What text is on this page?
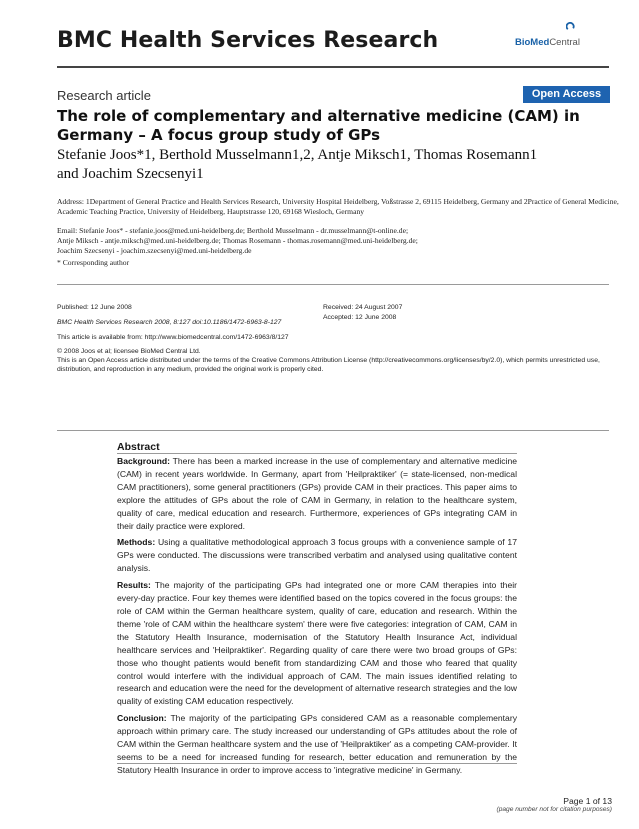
BMC Health Services Research	BioMedCentral
Research article	Open Access
The role of complementary and alternative medicine (CAM) in Germany – A focus group study of GPs
Stefanie Joos*1, Berthold Musselmann1,2, Antje Miksch1, Thomas Rosemann1
and Joachim Szecsenyi1
Address: 1Department of General Practice and Health Services Research, University Hospital Heidelberg, Voßstrasse 2, 69115 Heidelberg, Germany and 2Practice of General Medicine, Academic Teaching Practice, University of Heidelberg, Hauptstrasse 120, 69168 Wiesloch, Germany
Email: Stefanie Joos* - stefanie.joos@med.uni-heidelberg.de; Berthold Musselmann - dr.musselmann@t-online.de;
Antje Miksch - antje.miksch@med.uni-heidelberg.de; Thomas Rosemann - thomas.rosemann@med.uni-heidelberg.de;
Joachim Szecsenyi - joachim.szecsenyi@med.uni-heidelberg.de
* Corresponding author
Published: 12 June 2008	Received: 24 August 2007
Accepted: 12 June 2008
BMC Health Services Research 2008, 8:127 doi:10.1186/1472-6963-8-127
This article is available from: http://www.biomedcentral.com/1472-6963/8/127
© 2008 Joos et al; licensee BioMed Central Ltd.
This is an Open Access article distributed under the terms of the Creative Commons Attribution License (http://creativecommons.org/licenses/by/2.0), which permits unrestricted use, distribution, and reproduction in any medium, provided the original work is properly cited.
Abstract

Background: There has been a marked increase in the use of complementary and alternative medicine (CAM) in recent years worldwide. In Germany, apart from 'Heilpraktiker' (= state-licensed, non-medical CAM practitioners), some general practitioners (GPs) provide CAM in their practices. This paper aims to explore the attitudes of GPs about the role of CAM in Germany, in relation to the healthcare system, quality of care, medical education and research. Furthermore, experiences of GPs integrating CAM in their daily practice were explored.

Methods: Using a qualitative methodological approach 3 focus groups with a convenience sample of 17 GPs were conducted. The discussions were transcribed verbatim and analysed using qualitative content analysis.

Results: The majority of the participating GPs had integrated one or more CAM therapies into their every-day practice. Four key themes were identified based on the topics covered in the focus groups: the role of CAM within the German healthcare system, quality of care, education and research. Within the theme 'role of CAM within the healthcare system' there were five categories: integration of CAM, CAM in the Statutory Health Insurance, modernisation of the Statutory Health Insurance Act, individual healthcare services and 'Heilpraktiker'. Regarding quality of care there were two broad groups of GPs: those who thought patients would benefit from standardizing CAM and those who feared that quality control would interfere with the individual approach of CAM. The main issues identified relating to research and education were the need for the development of alternative research strategies and the low quality of existing CAM education respectively.

Conclusion: The majority of the participating GPs considered CAM as a reasonable complementary approach within primary care. The study increased our understanding of GPs attitudes about the role of CAM within the German healthcare system and the use of 'Heilpraktiker' as a competing CAM-provider. It seems to be a need for increased funding for research, better education and remuneration by the Statutory Health Insurance in order to improve access to 'integrative medicine' in Germany.

Page 1 of 13
(page number not for citation purposes)
